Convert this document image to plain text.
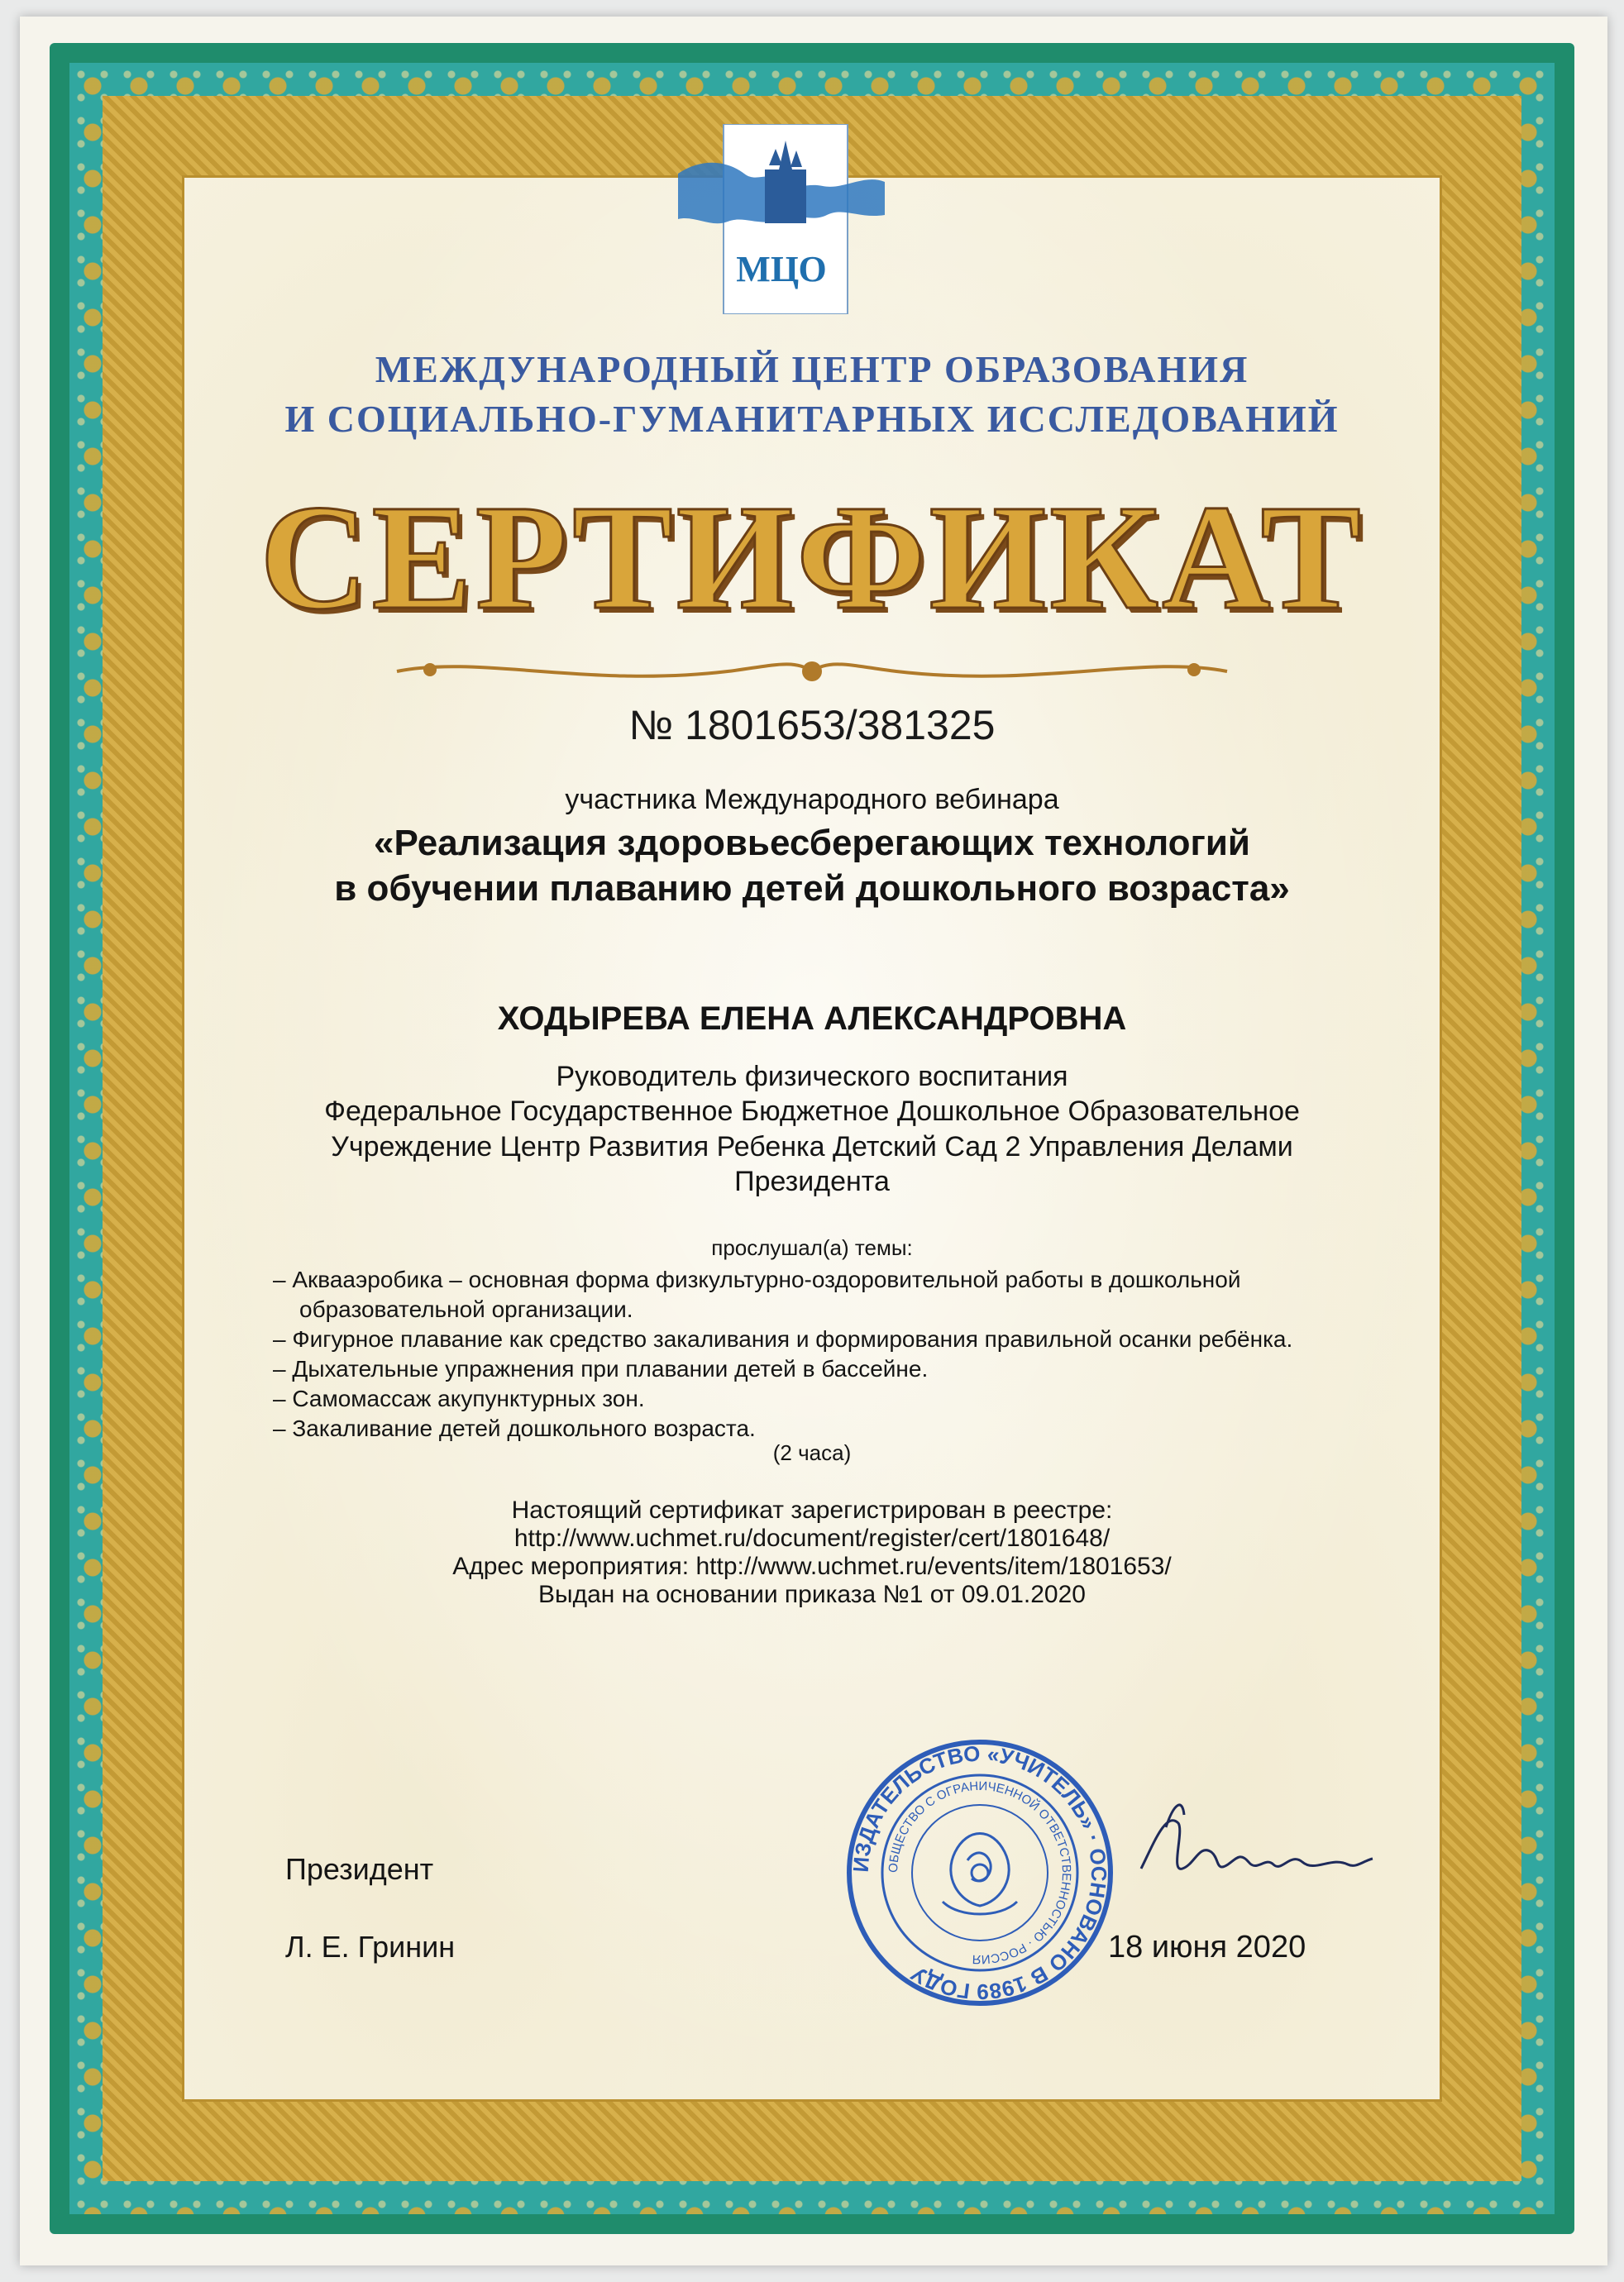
МЦО
МЕЖДУНАРОДНЫЙ ЦЕНТР ОБРАЗОВАНИЯ
И СОЦИАЛЬНО-ГУМАНИТАРНЫХ ИССЛЕДОВАНИЙ
СЕРТИФИКАТ
№ 1801653/381325
участника Международного вебинара
«Реализация здоровьесберегающих технологий
в обучении плаванию детей дошкольного возраста»
ХОДЫРЕВА ЕЛЕНА АЛЕКСАНДРОВНА
Руководитель физического воспитания
Федеральное Государственное Бюджетное Дошкольное Образовательное
Учреждение Центр Развития Ребенка Детский Сад 2 Управления Делами
Президента
прослушал(а) темы:
– Аквааэробика – основная форма физкультурно-оздоровительной работы в дошкольной образовательной организации.
– Фигурное плавание как средство закаливания и формирования правильной осанки ребёнка.
– Дыхательные упражнения при плавании детей в бассейне.
– Самомассаж акупунктурных зон.
– Закаливание детей дошкольного возраста.
(2 часа)
Настоящий сертификат зарегистрирован в реестре:
http://www.uchmet.ru/document/register/cert/1801648/
Адрес мероприятия: http://www.uchmet.ru/events/item/1801653/
Выдан на основании приказа №1 от 09.01.2020
Президент
Л. Е. Гринин
ИЗДАТЕЛЬСТВО «УЧИТЕЛЬ» · ОСНОВАНО В 1989 ГОДУ
ОБЩЕСТВО С ОГРАНИЧЕННОЙ ОТВЕТСТВЕННОСТЬЮ · РОССИЯ	18 июня 2020
